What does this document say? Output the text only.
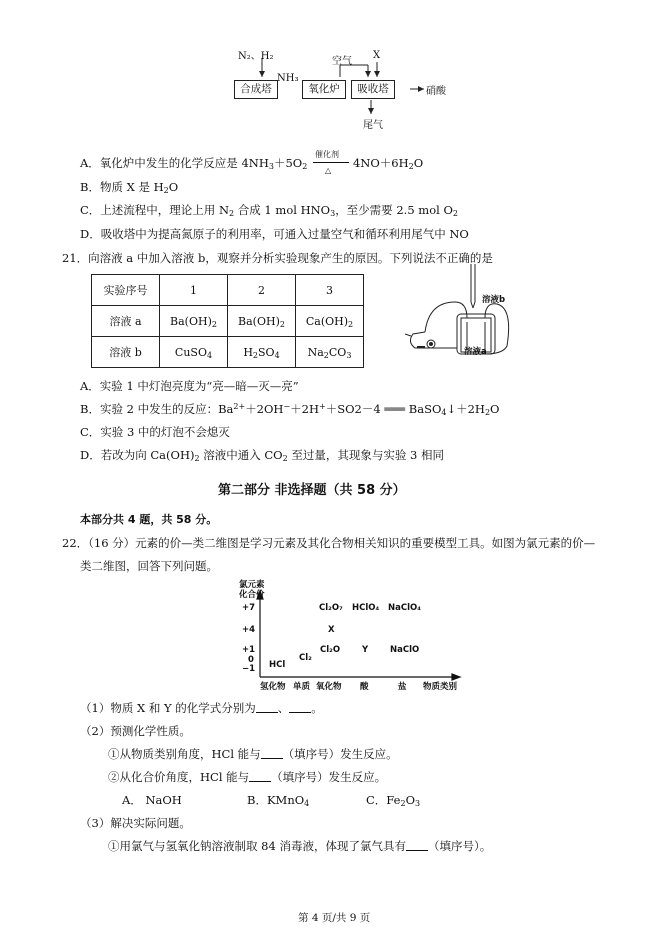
N₂、H₂
合成塔
NH₃
氧化炉
空气
X
吸收塔	硝酸
尾气
A．氧化炉中发生的化学反应是 $4NH_3+5O_2$
催化剂
△
$4NO+6H_2O$
B．物质 X 是 $H_2O$
C．上述流程中，理论上用 $N_2$ 合成 1 mol $HNO_3$，至少需要 2.5 mol $O_2$
D．吸收塔中为提高氮原子的利用率，可通入过量空气和循环利用尾气中 NO
21．向溶液 a 中加入溶液 b，观察并分析实验现象产生的原因。下列说法不正确的是
实验序号	1	2	3
溶液 a	$Ba(OH)_2$	$Ba(OH)_2$	$Ca(OH)_2$
溶液 b	CuSO$_4$	$H_2SO_4$	$Na_2CO_3$
溶液b
溶液a
A．实验 1 中灯泡亮度为“亮—暗—灭—亮”
B．实验 2 中发生的反应：$Ba^{2+}+2OH^-+2H^++SO2-4$ ═══ $BaSO_4↓+2H_2O$
C．实验 3 中的灯泡不会熄灭
D．若改为向 $Ca(OH)_2$ 溶液中通入 $CO_2$ 至过量，其现象与实验 3 相同
第二部分 非选择题（共 58 分）
本部分共 4 题，共 58 分。
22．（16 分）元素的价—类二维图是学习元素及其化合物相关知识的重要模型工具。如图为氯元素的价—
类二维图，回答下列问题。
氯元素
化合价
+7
+4
+1
0
−1
氢化物 单质 氧化物 酸	盐 物质类别
Cl₂O₇ HClO₄ NaClO₄
X
Cl₂O	Y	NaClO
Cl₂
HCl
（1）物质 X 和 Y 的化学式分别为 、 。
（2）预测化学性质。
①从物质类别角度，HCl 能与 （填序号）发生反应。
②从化合价角度，HCl 能与 （填序号）发生反应。
A． NaOH	B．KMnO$_4$	C．$Fe_2O_3$
（3）解决实际问题。
①用氯气与氢氧化钠溶液制取 84 消毒液，体现了氯气具有 （填序号）。
第 4 页/共 9 页
